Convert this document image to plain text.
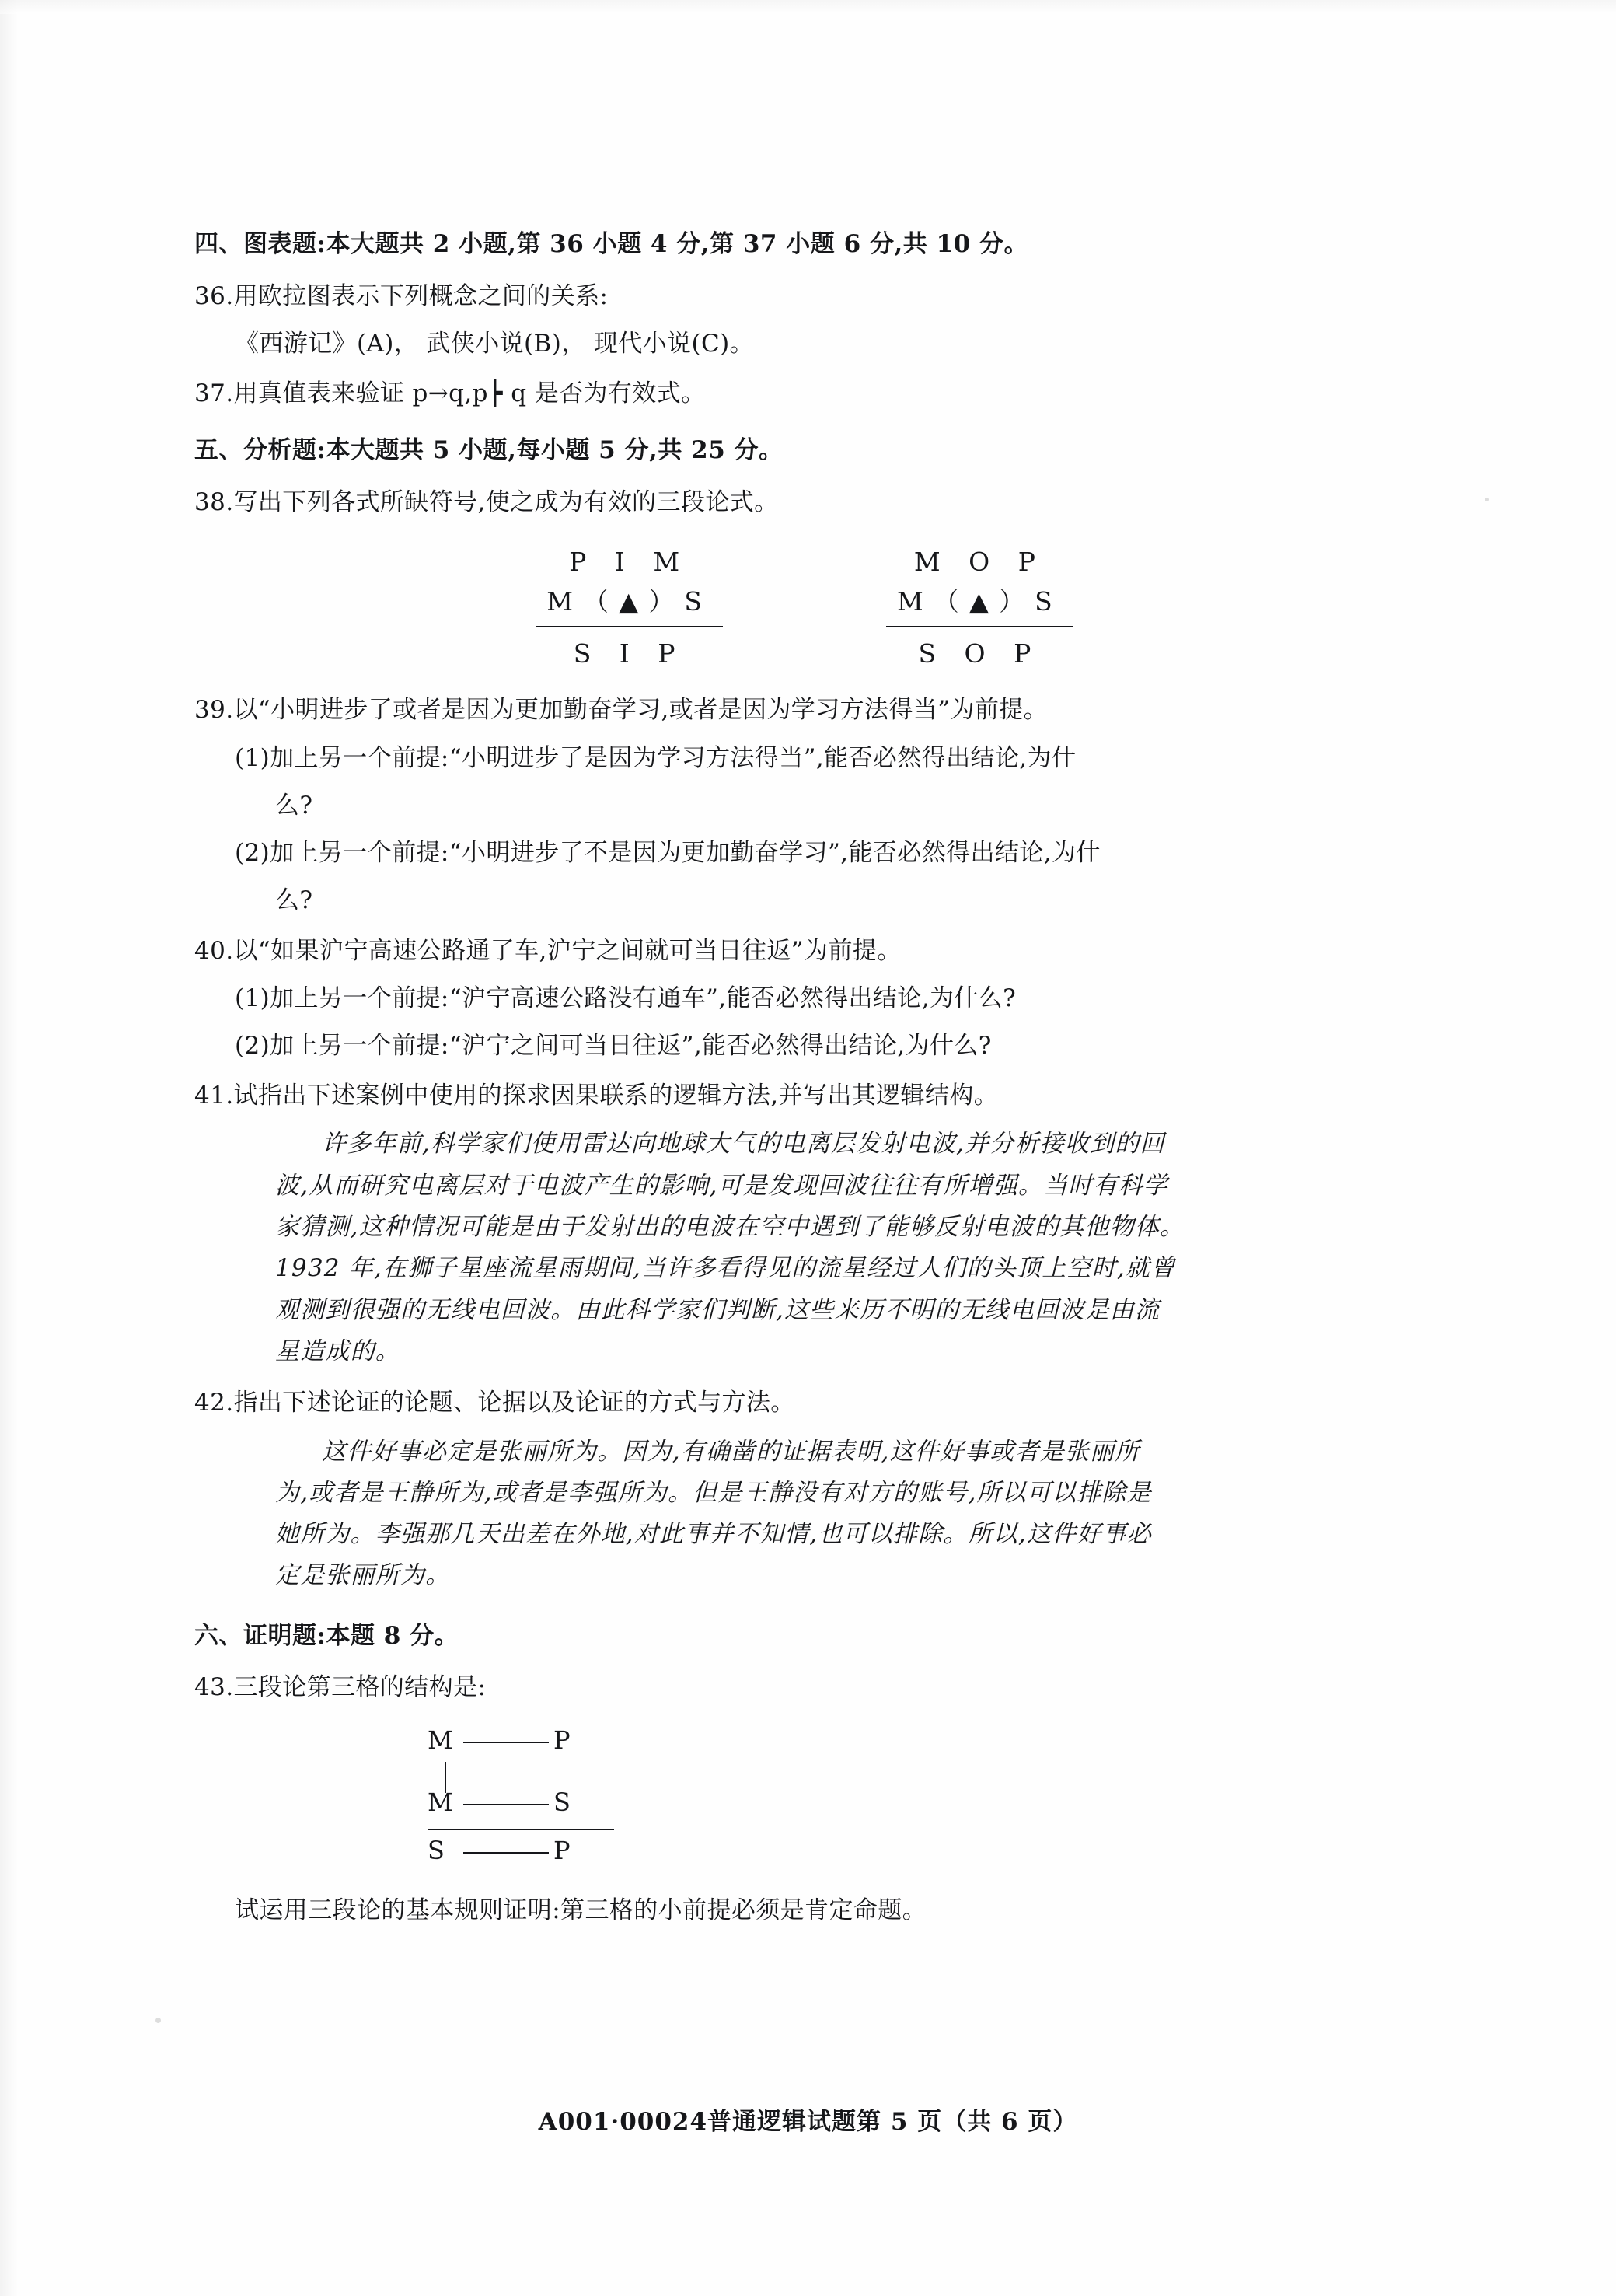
四、图表题:本大题共 2 小题,第 36 小题 4 分,第 37 小题 6 分,共 10 分。
36.用欧拉图表示下列概念之间的关系:
《西游记》(A)， 武侠小说(B)， 现代小说(C)。
37.用真值表来验证 p→q,p┝ q 是否为有效式。
五、分析题:本大题共 5 小题,每小题 5 分,共 25 分。
38.写出下列各式所缺符号,使之成为有效的三段论式。
P I M
M（▲）S
S I P
M O P
M（▲）S
S O P
39.以“小明进步了或者是因为更加勤奋学习,或者是因为学习方法得当”为前提。
(1)加上另一个前提:“小明进步了是因为学习方法得当”,能否必然得出结论,为什
么?
(2)加上另一个前提:“小明进步了不是因为更加勤奋学习”,能否必然得出结论,为什
么?
40.以“如果沪宁高速公路通了车,沪宁之间就可当日往返”为前提。
(1)加上另一个前提:“沪宁高速公路没有通车”,能否必然得出结论,为什么?
(2)加上另一个前提:“沪宁之间可当日往返”,能否必然得出结论,为什么?
41.试指出下述案例中使用的探求因果联系的逻辑方法,并写出其逻辑结构。
许多年前,科学家们使用雷达向地球大气的电离层发射电波,并分析接收到的回
波,从而研究电离层对于电波产生的影响,可是发现回波往往有所增强。当时有科学
家猜测,这种情况可能是由于发射出的电波在空中遇到了能够反射电波的其他物体。
1932 年,在狮子星座流星雨期间,当许多看得见的流星经过人们的头顶上空时,就曾
观测到很强的无线电回波。由此科学家们判断,这些来历不明的无线电回波是由流
星造成的。
42.指出下述论证的论题、论据以及论证的方式与方法。
这件好事必定是张丽所为。因为,有确凿的证据表明,这件好事或者是张丽所
为,或者是王静所为,或者是李强所为。但是王静没有对方的账号,所以可以排除是
她所为。李强那几天出差在外地,对此事并不知情,也可以排除。所以,这件好事必
定是张丽所为。
六、证明题:本题 8 分。
43.三段论第三格的结构是:
M	P
M	S
S	P
试运用三段论的基本规则证明:第三格的小前提必须是肯定命题。
A001·00024普通逻辑试题第 5 页（共 6 页）
